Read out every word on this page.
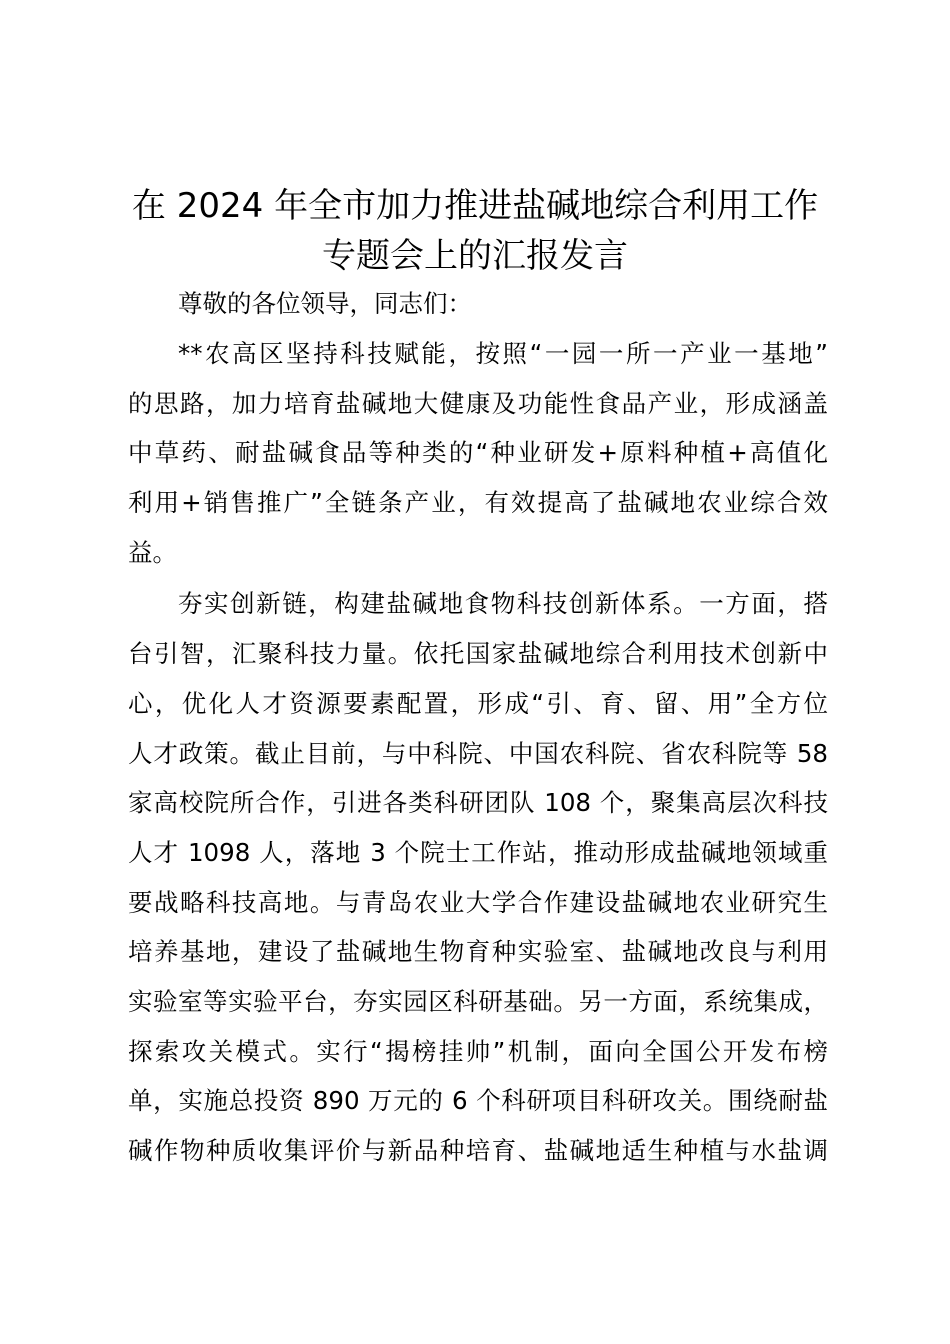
在 2024 年全市加力推进盐碱地综合利用工作
专题会上的汇报发言

尊敬的各位领导，同志们：

**农高区坚持科技赋能，按照“一园一所一产业一基地”

的思路，加力培育盐碱地大健康及功能性食品产业，形成涵盖

中草药、耐盐碱食品等种类的“种业研发+原料种植+高值化

利用+销售推广”全链条产业，有效提高了盐碱地农业综合效

益。

夯实创新链，构建盐碱地食物科技创新体系。一方面，搭

台引智，汇聚科技力量。依托国家盐碱地综合利用技术创新中

心，优化人才资源要素配置，形成“引、育、留、用”全方位

人才政策。截止目前，与中科院、中国农科院、省农科院等 58

家高校院所合作，引进各类科研团队 108 个，聚集高层次科技

人才 1098 人，落地 3 个院士工作站，推动形成盐碱地领域重

要战略科技高地。与青岛农业大学合作建设盐碱地农业研究生

培养基地，建设了盐碱地生物育种实验室、盐碱地改良与利用

实验室等实验平台，夯实园区科研基础。另一方面，系统集成，

探索攻关模式。实行“揭榜挂帅”机制，面向全国公开发布榜

单，实施总投资 890 万元的 6 个科研项目科研攻关。围绕耐盐

碱作物种质收集评价与新品种培育、盐碱地适生种植与水盐调
